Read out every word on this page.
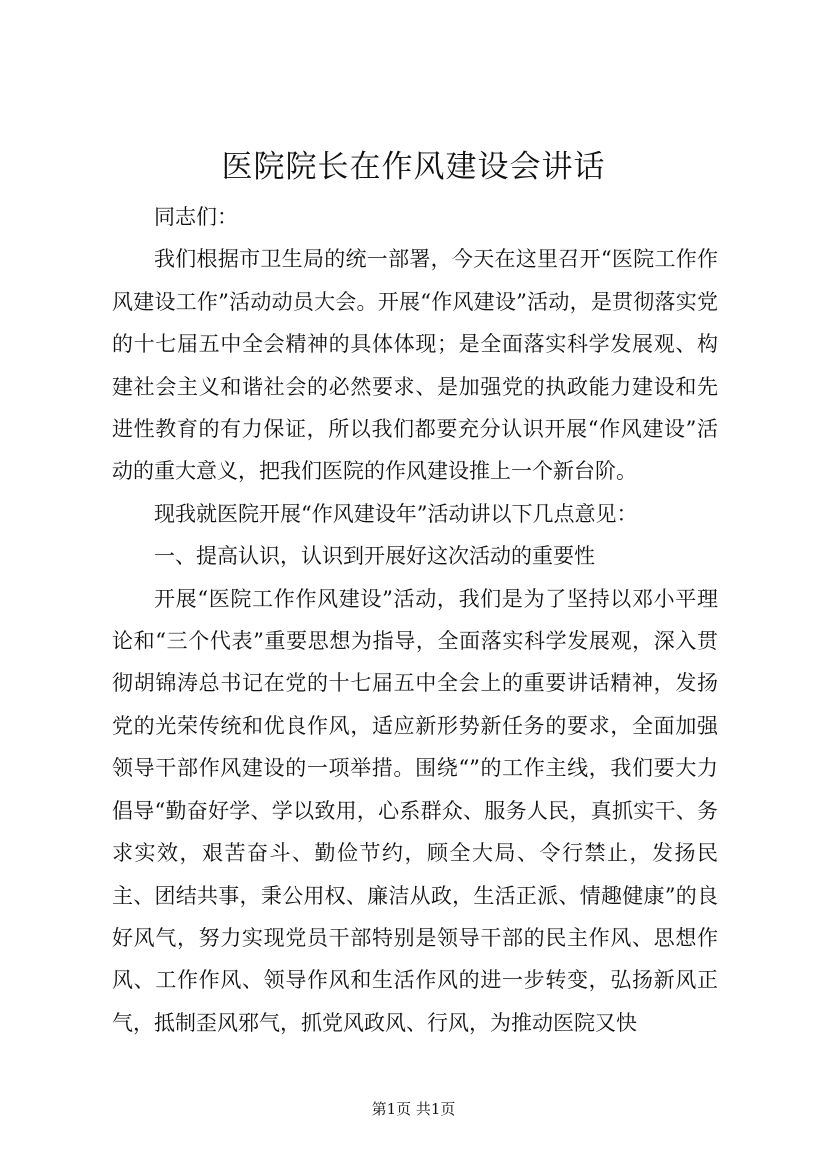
医院院长在作风建设会讲话

同志们：

我们根据市卫生局的统一部署，今天在这里召开“医院工作作风建设工作”活动动员大会。开展“作风建设”活动，是贯彻落实党的十七届五中全会精神的具体体现；是全面落实科学发展观、构建社会主义和谐社会的必然要求、是加强党的执政能力建设和先进性教育的有力保证，所以我们都要充分认识开展“作风建设”活动的重大意义，把我们医院的作风建设推上一个新台阶。

现我就医院开展“作风建设年”活动讲以下几点意见：

一、提高认识，认识到开展好这次活动的重要性

开展“医院工作作风建设”活动，我们是为了坚持以邓小平理论和“三个代表”重要思想为指导，全面落实科学发展观，深入贯彻胡锦涛总书记在党的十七届五中全会上的重要讲话精神，发扬党的光荣传统和优良作风，适应新形势新任务的要求，全面加强领导干部作风建设的一项举措。围绕“”的工作主线，我们要大力倡导“勤奋好学、学以致用，心系群众、服务人民，真抓实干、务求实效，艰苦奋斗、勤俭节约，顾全大局、令行禁止，发扬民主、团结共事，秉公用权、廉洁从政，生活正派、情趣健康”的良好风气，努力实现党员干部特别是领导干部的民主作风、思想作风、工作作风、领导作风和生活作风的进一步转变，弘扬新风正气，抵制歪风邪气，抓党风政风、行风，为推动医院又快

第1页 共1页
